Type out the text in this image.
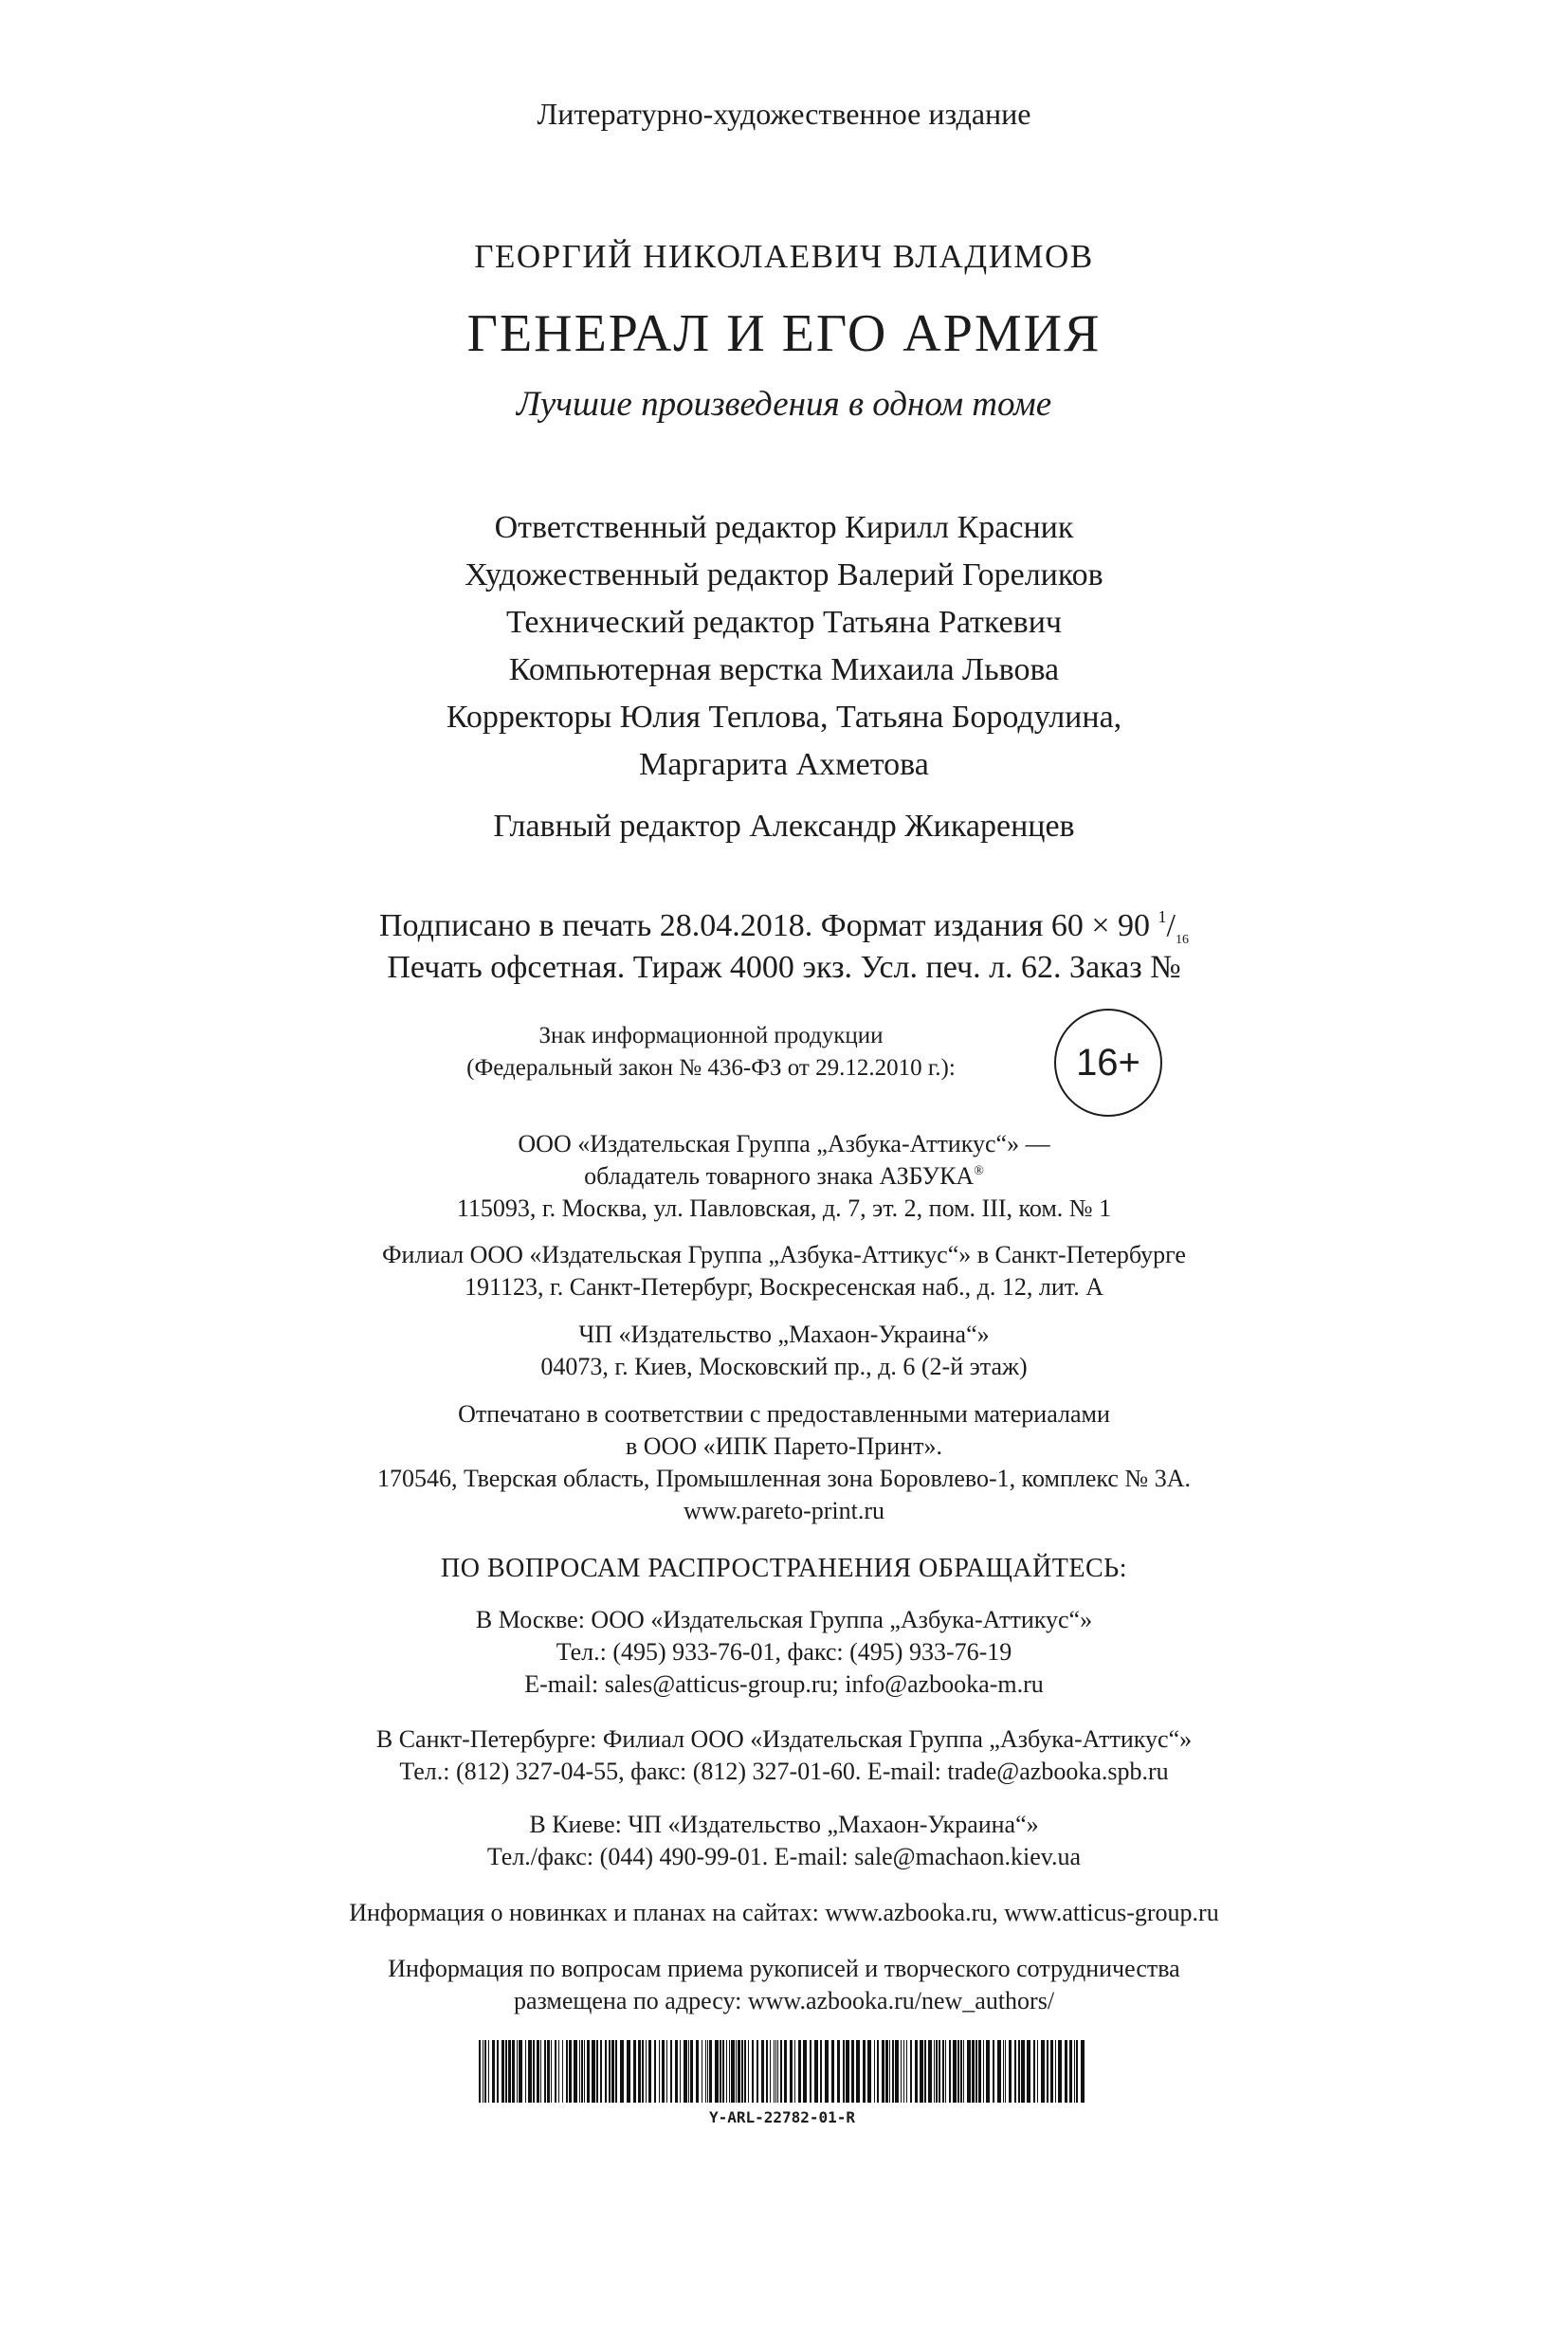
Литературно-художественное издание
ГЕОРГИЙ НИКОЛАЕВИЧ ВЛАДИМОВ
ГЕНЕРАЛ И ЕГО АРМИЯ
Лучшие произведения в одном томе
Ответственный редактор Кирилл Красник
Художественный редактор Валерий Гореликов
Технический редактор Татьяна Раткевич
Компьютерная верстка Михаила Львова
Корректоры Юлия Теплова, Татьяна Бородулина,
Маргарита Ахметова
Главный редактор Александр Жикаренцев
Подписано в печать 28.04.2018. Формат издания 60 × 90 $^1/_{16}$
Печать офсетная. Тираж 4000 экз. Усл. печ. л. 62. Заказ №
Знак информационной продукции
(Федеральный закон № 436-ФЗ от 29.12.2010 г.):	16+
ООО «Издательская Группа „Азбука-Аттикус“» —
обладатель товарного знака АЗБУКА®
115093, г. Москва, ул. Павловская, д. 7, эт. 2, пом. III, ком. № 1
Филиал ООО «Издательская Группа „Азбука-Аттикус“» в Санкт-Петербурге
191123, г. Санкт-Петербург, Воскресенская наб., д. 12, лит. А
ЧП «Издательство „Махаон-Украина“»
04073, г. Киев, Московский пр., д. 6 (2-й этаж)
Отпечатано в соответствии с предоставленными материалами
в ООО «ИПК Парето-Принт».
170546, Тверская область, Промышленная зона Боровлево-1, комплекс № 3А.
www.pareto-print.ru
ПО ВОПРОСАМ РАСПРОСТРАНЕНИЯ ОБРАЩАЙТЕСЬ:
В Москве: ООО «Издательская Группа „Азбука-Аттикус“»
Тел.: (495) 933-76-01, факс: (495) 933-76-19
E-mail: sales@atticus-group.ru; info@azbooka-m.ru
В Санкт-Петербурге: Филиал ООО «Издательская Группа „Азбука-Аттикус“»
Тел.: (812) 327-04-55, факс: (812) 327-01-60. E-mail: trade@azbooka.spb.ru
В Киеве: ЧП «Издательство „Махаон-Украина“»
Тел./факс: (044) 490-99-01. E-mail: sale@machaon.kiev.ua
Информация о новинках и планах на сайтах: www.azbooka.ru, www.atticus-group.ru
Информация по вопросам приема рукописей и творческого сотрудничества
размещена по адресу: www.azbooka.ru/new_authors/
Y-ARL-22782-01-R
